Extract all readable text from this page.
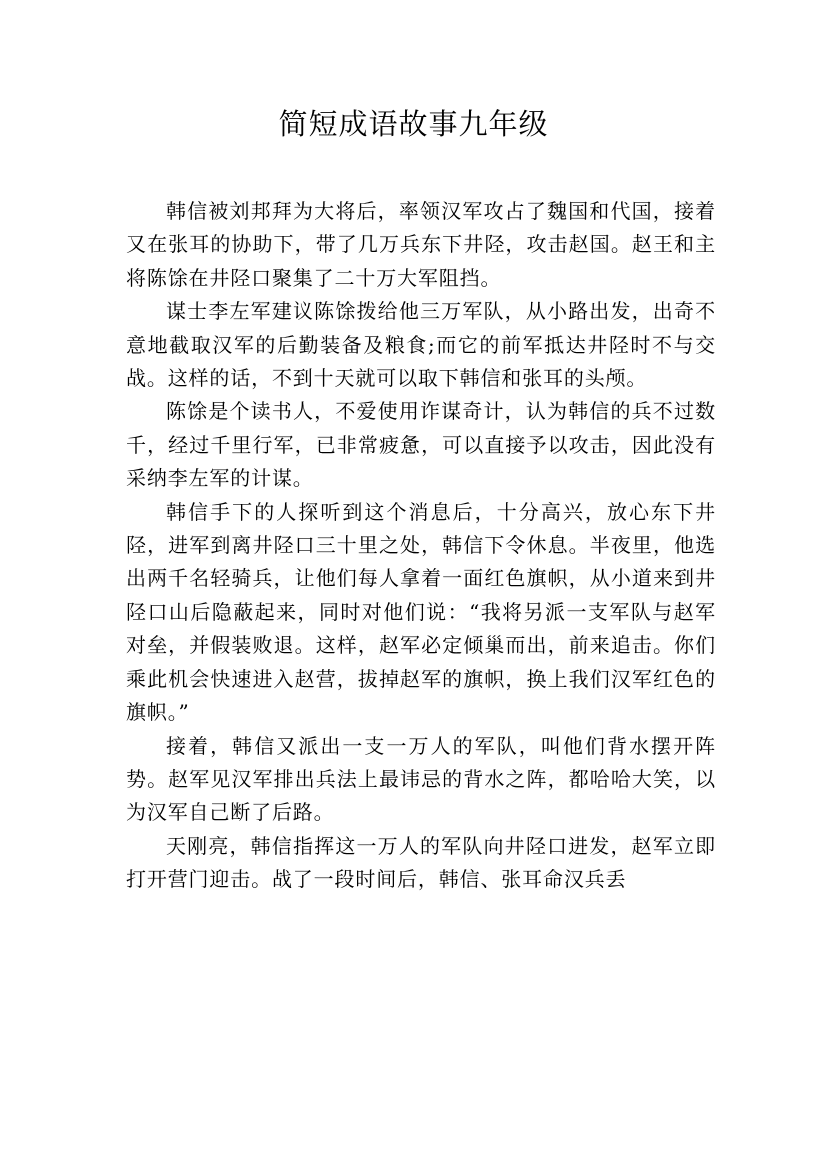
简短成语故事九年级

韩信被刘邦拜为大将后，率领汉军攻占了魏国和代国，接着又在张耳的协助下，带了几万兵东下井陉，攻击赵国。赵王和主将陈馀在井陉口聚集了二十万大军阻挡。

谋士李左军建议陈馀拨给他三万军队，从小路出发，出奇不意地截取汉军的后勤装备及粮食;而它的前军抵达井陉时不与交战。这样的话，不到十天就可以取下韩信和张耳的头颅。

陈馀是个读书人，不爱使用诈谋奇计，认为韩信的兵不过数千，经过千里行军，已非常疲惫，可以直接予以攻击，因此没有采纳李左军的计谋。

韩信手下的人探听到这个消息后，十分高兴，放心东下井陉，进军到离井陉口三十里之处，韩信下令休息。半夜里，他选出两千名轻骑兵，让他们每人拿着一面红色旗帜，从小道来到井陉口山后隐蔽起来，同时对他们说：“我将另派一支军队与赵军对垒，并假装败退。这样，赵军必定倾巢而出，前来追击。你们乘此机会快速进入赵营，拔掉赵军的旗帜，换上我们汉军红色的旗帜。”

接着，韩信又派出一支一万人的军队，叫他们背水摆开阵势。赵军见汉军排出兵法上最讳忌的背水之阵，都哈哈大笑，以为汉军自己断了后路。

天刚亮，韩信指挥这一万人的军队向井陉口进发，赵军立即打开营门迎击。战了一段时间后，韩信、张耳命汉兵丢
